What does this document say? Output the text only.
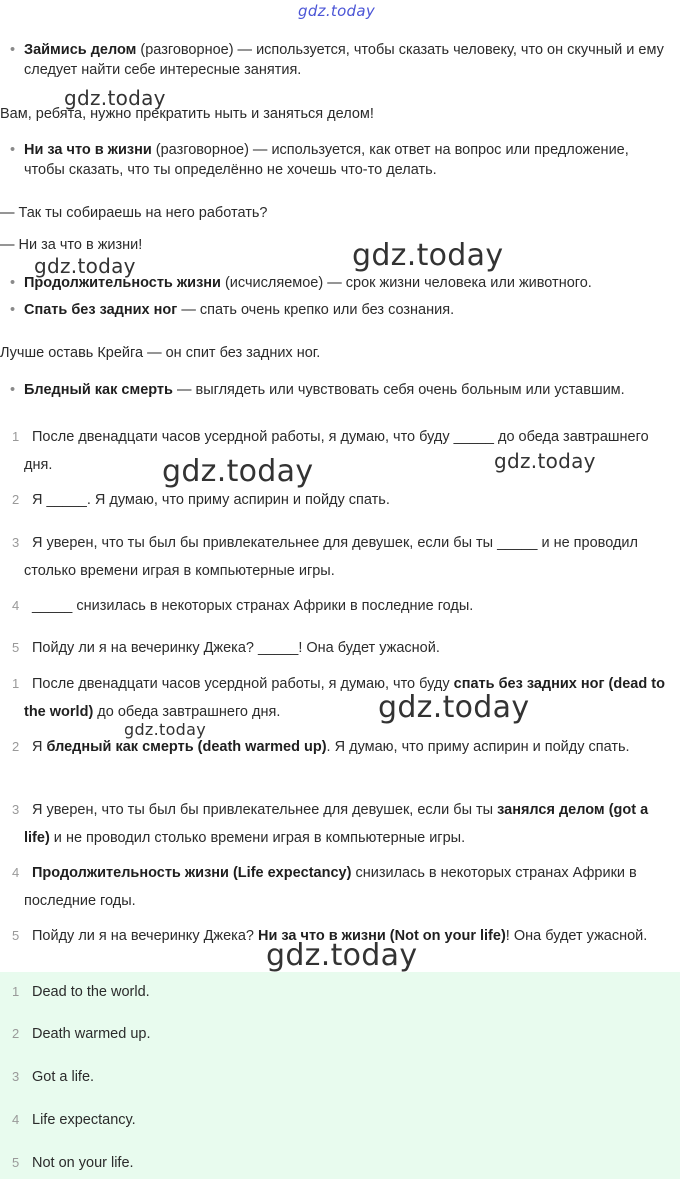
gdz.today
• Займись делом (разговорное) — используется, чтобы сказать человеку, что он скучный и ему следует найти себе интересные занятия.
Вам, ребята, нужно прекратить ныть и заняться делом!
gdz.today
• Ни за что в жизни (разговорное) — используется, как ответ на вопрос или предложение, чтобы сказать, что ты определённо не хочешь что-то делать.
— Так ты собираешь на него работать?
— Ни за что в жизни!
gdz.today	gdz.today
• Продолжительность жизни (исчисляемое) — срок жизни человека или животного.
• Спать без задних ног — спать очень крепко или без сознания.
Лучше оставь Крейга — он спит без задних ног.
• Бледный как смерть — выглядеть или чувствовать себя очень больным или уставшим.
1 После двенадцати часов усердной работы, я думаю, что буду _____ до обеда завтрашнего дня.	gdz.today	gdz.today
2 Я _____. Я думаю, что приму аспирин и пойду спать.
3 Я уверен, что ты был бы привлекательнее для девушек, если бы ты _____ и не проводил столько времени играя в компьютерные игры.
4 _____ снизилась в некоторых странах Африки в последние годы.
5 Пойду ли я на вечеринку Джека? _____! Она будет ужасной.
1 После двенадцати часов усердной работы, я думаю, что буду спать без задних ног (dead to the world) до обеда завтрашнего дня.	gdz.today
gdz.today
2 Я бледный как смерть (death warmed up). Я думаю, что приму аспирин и пойду спать.
3 Я уверен, что ты был бы привлекательнее для девушек, если бы ты занялся делом (got a life) и не проводил столько времени играя в компьютерные игры.
4 Продолжительность жизни (Life expectancy) снизилась в некоторых странах Африки в последние годы.
5 Пойду ли я на вечеринку Джека? Ни за что в жизни (Not on your life)! Она будет ужасной.
1 Dead to the world.
2 Death warmed up.
3 Got a life.
4 Life expectancy.
5 Not on your life.
gdz.today
